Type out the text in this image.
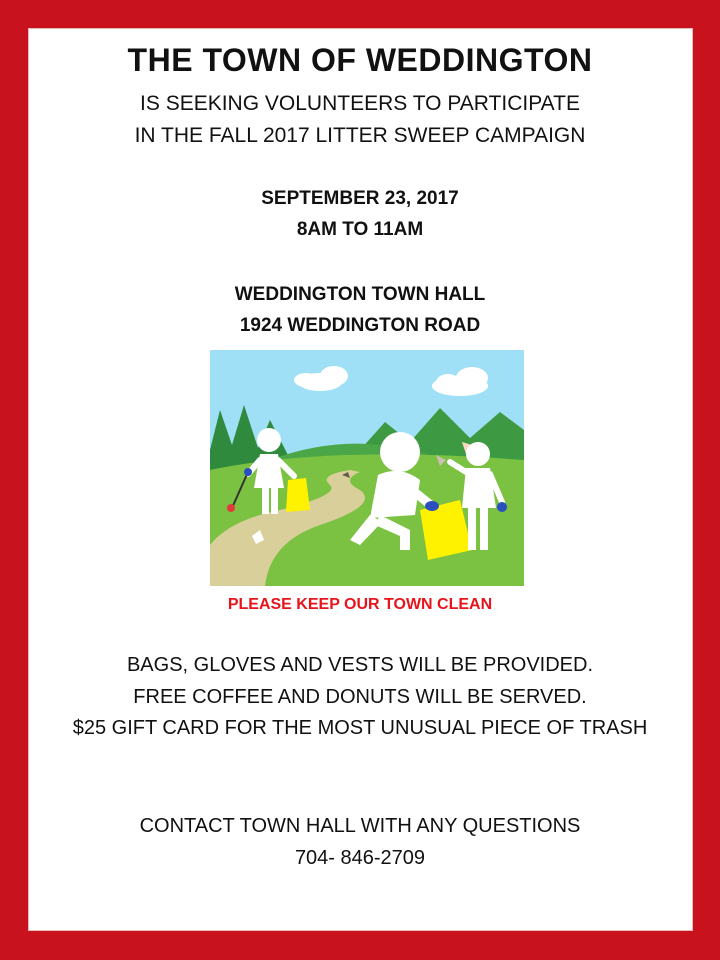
THE TOWN OF WEDDINGTON
IS SEEKING VOLUNTEERS TO PARTICIPATE
IN THE FALL 2017 LITTER SWEEP CAMPAIGN
SEPTEMBER 23, 2017
8AM TO 11AM
WEDDINGTON TOWN HALL
1924 WEDDINGTON ROAD
PLEASE KEEP OUR TOWN CLEAN
BAGS, GLOVES AND VESTS WILL BE PROVIDED.
FREE COFFEE AND DONUTS WILL BE SERVED.
$25 GIFT CARD FOR THE MOST UNUSUAL PIECE OF TRASH
CONTACT TOWN HALL WITH ANY QUESTIONS
704- 846-2709
